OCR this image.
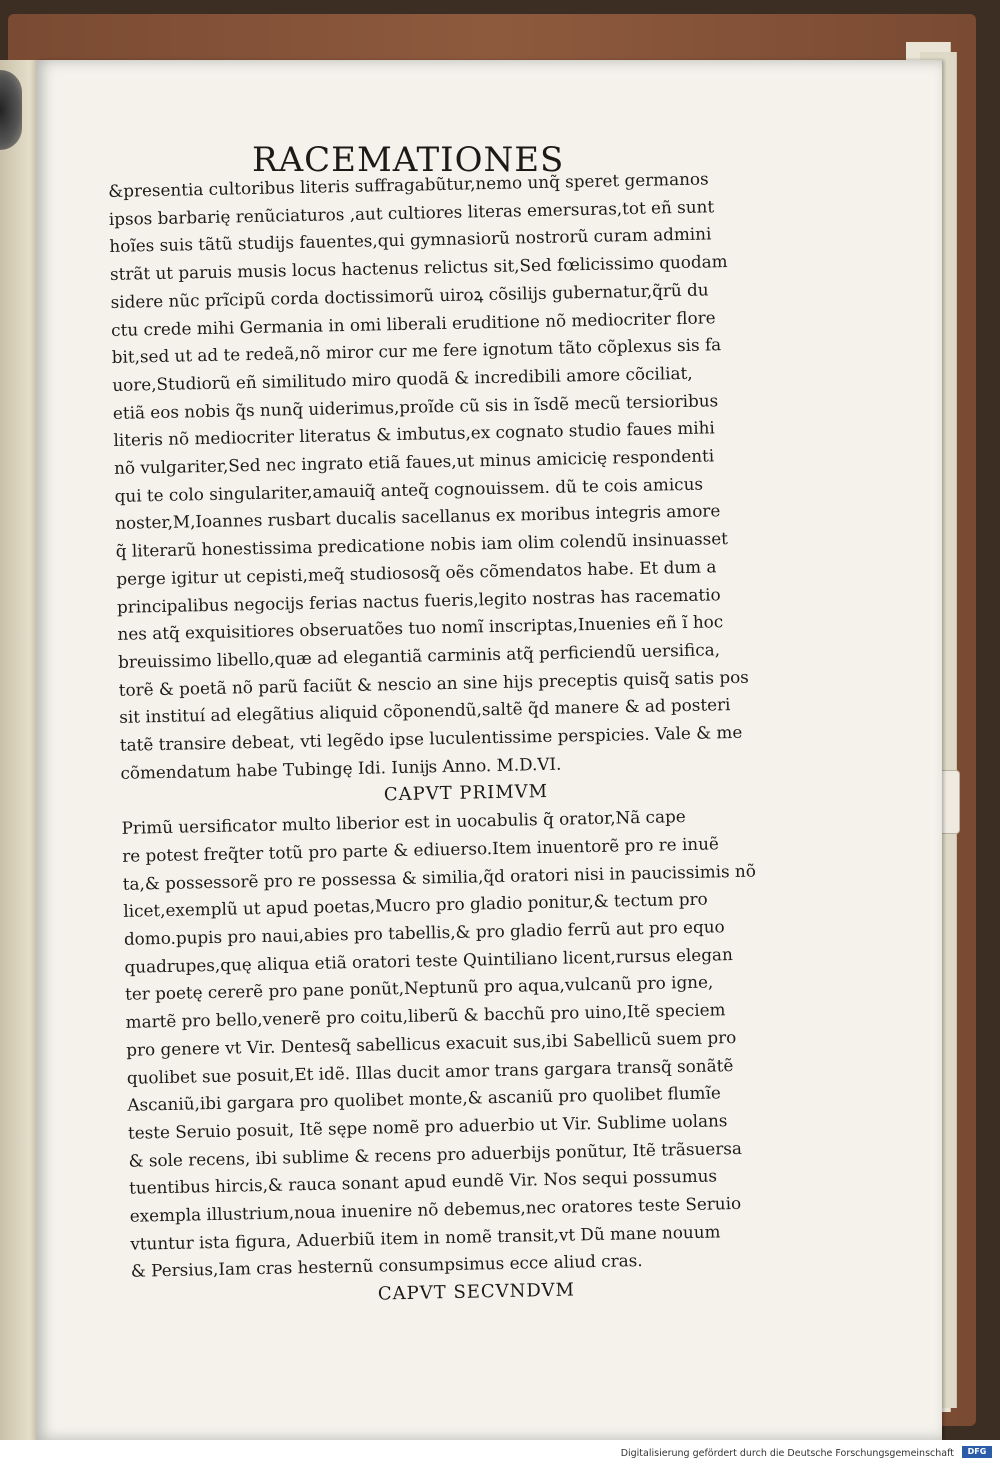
RACEMATIONES
&presentia cultoribus literis suffragabũtur,nemo unq̃ speret germanos
ipsos barbarię renũciaturos ,aut cultiores literas emersuras,tot eñ sunt
hoĩes suis tãtũ studijs fauentes,qui gymnasiorũ nostrorũ curam admini
strãt ut paruis musis locus hactenus relictus sit,Sed fœlicissimo quodam
sidere nũc prĩcipũ corda doctissimorũ uiroꝝ cõsilijs gubernatur,q̃rũ du
ctu crede mihi Germania in omi liberali eruditione nõ mediocriter flore
bit,sed ut ad te redeã,nõ miror cur me fere ignotum tãto cõplexus sis fa
uore,Studiorũ eñ similitudo miro quodã & incredibili amore cõciliat,
etiã eos nobis q̃s nunq̃ uiderimus,proĩde cũ sis in ĩsdẽ mecũ tersioribus
literis nõ mediocriter literatus & imbutus,ex cognato studio faues mihi
nõ vulgariter,Sed nec ingrato etiã faues,ut minus amicicię respondenti
qui te colo singulariter,amauiq̃ anteq̃ cognouissem. dũ te cois amicus
noster,M,Ioannes rusbart ducalis sacellanus ex moribus integris amore
q̃ literarũ honestissima predicatione nobis iam olim colendũ insinuasset
perge igitur ut cepisti,meq̃ studiososq̃ oẽs cõmendatos habe. Et dum a
principalibus negocijs ferias nactus fueris,legito nostras has racematio
nes atq̃ exquisitiores obseruatões tuo nomĩ inscriptas,Inuenies eñ ĩ hoc
breuissimo libello,quæ ad elegantiã carminis atq̃ perficiendũ uersifica,
torẽ & poetã nõ parũ faciũt & nescio an sine hijs preceptis quisq̃ satis pos
sit instituí ad elegãtius aliquid cõponendũ,saltẽ q̃d manere & ad posteri
tatẽ transire debeat, vti legẽdo ipse luculentissime perspicies. Vale & me
cõmendatum habe Tubingę Idi. Iunĳs Anno. M.D.VI.
CAPVT PRIMVM
Primũ uersificator multo liberior est in uocabulis q̃ orator,Nã cape
re potest freq̃ter totũ pro parte & ediuerso.Item inuentorẽ pro re inuẽ
ta,& possessorẽ pro re possessa & similia,q̃d oratori nisi in paucissimis nõ
licet,exemplũ ut apud poetas,Mucro pro gladio ponitur,& tectum pro
domo.pupis pro naui,abies pro tabellis,& pro gladio ferrũ aut pro equo
quadrupes,quę aliqua etiã oratori teste Quintiliano licent,rursus elegan
ter poetę cererẽ pro pane ponũt,Neptunũ pro aqua,vulcanũ pro igne,
martẽ pro bello,venerẽ pro coitu,liberũ & bacchũ pro uino,Itẽ speciem
pro genere vt Vir. Dentesq̃ sabellicus exacuit sus,ibi Sabellicũ suem pro
quolibet sue posuit,Et idẽ. Illas ducit amor trans gargara transq̃ sonãtẽ
Ascaniũ,ibi gargara pro quolibet monte,& ascaniũ pro quolibet flumĩe
teste Seruio posuit, Itẽ sępe nomẽ pro aduerbio ut Vir. Sublime uolans
& sole recens, ibi sublime & recens pro aduerbijs ponũtur, Itẽ trãsuersa
tuentibus hircis,& rauca sonant apud eundẽ Vir. Nos sequi possumus
exempla illustrium,noua inuenire nõ debemus,nec oratores teste Seruio
vtuntur ista figura, Aduerbiũ item in nomẽ transit,vt Dũ mane nouum
& Persius,Iam cras hesternũ consumpsimus ecce aliud cras.
CAPVT SECVNDVM
Digitalisierung gefördert durch die Deutsche Forschungsgemeinschaft	DFG
